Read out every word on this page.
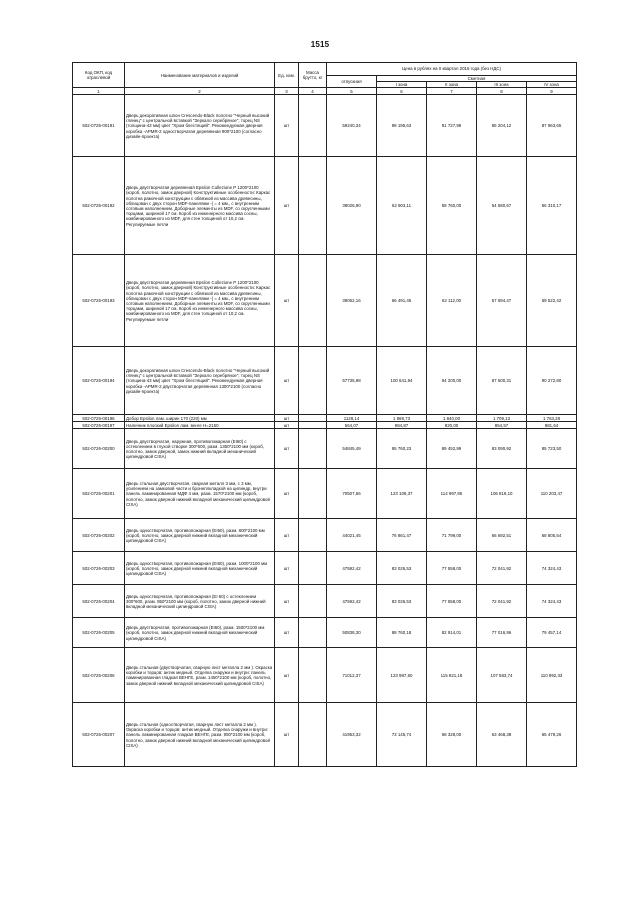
1515
Код ОКП, код отраслевой	Наименование материалов и изделий	Ед. изм.	Масса брутто, кг	Цена в рублях на II квартал 2016 года (без НДС)				
				отпускная	Сметная			
					I зона	II зона	III зона	IV зона
1	2	3	4	5	6	7	8	9
502-0726-00191	Дверь декоративная шпон Crescendo-Black полотно "Черный высокий глянец" с центральной вставкой "Зеркало серебряное", торец NS (толщина-43 мм) цвет "Хром блестящий". Рекомендуемая дверная коробка -APMR-2 одностворчатая деревянная 900*2100 (согласно дизайн-проекта)	шт		59240,34	98 195,63	91 727,99	85 204,12	87 963,65
502-0726-00192	Дверь двустворчатая деревянная Epsilon Collezione P 1200*2100 (короб, полотно, замок дверной) Конструктивные особенности: Каркас полотна рамочной конструкции с обвязкой из массива древесины, облицован с двух сторон MDF-панелями -( = 4 мм., с внутренним сотовым наполнением. Доборные элементы из MDF, со скругленными торцами, шириной 17 см. Короб из инженерного массива сосны, комбинированного из MDF, для стен толщиной от 10,2 см. Регулируемые петли	шт		38026,90	62 903,11	58 760,00	54 580,67	56 310,17
502-0726-00193	Дверь двустворчатая деревянная Epsilon Collezione P 1200*2100 (короб, полотно, замок дверной) Конструктивные особенности: Каркас полотна рамочной конструкции с обвязкой из массива древесины, облицован с двух сторон MDF-панелями -( = 4 мм., с внутренним сотовым наполнением. Доборные элементы из MDF, со скругленными торцами, шириной 17 см. Короб из инженерного массива сосны, комбинированного из MDF, для стен толщиной от 10,2 см. Регулируемые петли	шт		39062,16	66 491,45	62 112,00	57 694,47	59 522,42
502-0726-00194	Дверь декоративная шпон Crescendo-Black полотно "Черный высокий глянец" с центральной вставкой "Зеркало серебряное", торец NS (толщина-43 мм) цвет "Хром блестящий". Рекомендуемая дверная коробка -APMR-2 двустворчатая деревянная 1300*2100 (согласно дизайн-проекта)	шт		67735,98	100 641,94	94 200,00	87 500,31	90 272,80
502-0726-00196	Добор Epsilon лам. ширин 170 (220) мм	шт		1128,14	1 969,73	1 840,00	1 709,13	1 763,28
502-0726-00197	Наличник плоский Epsilon лам. венге Н=2150	шт		564,07	984,87	920,00	854,57	881,64
502-0726-00200	Дверь двустворчатая, наружная, противопожарная (EI60) с остеклением в глухой створке 300*600, разм. 1350*2100 мм (короб, полотно, замок дверной, замок нижний вкладной механический цилиндровой CISA)	шт		54845,49	95 760,23	89 452,99	83 090,92	85 723,50
502-0726-00201	Дверь стальная двустворчатая, сварная металл 3 мм, с 3 мм, усилением на замковой части и бронеплкладкой на цилиндр, внутри панель ламинированная МДФ 4 мм, разм. 1570*2100 мм (короб, полотно, замок дверной нижний вкладной механический цилиндровой CISA)	шт		70507,66	123 106,37	114 997,95	106 819,10	110 203,47
502-0726-00202	Дверь одностворчатая, противопожарная (EI60), разм. 800*2100 мм (короб, полотно, замок дверной нижний вкладной механический цилиндровой CISA)	шт		44021,45	76 861,47	71 799,00	66 692,51	68 805,54
502-0726-00203	Дверь одностворчатая, противопожарная (EI60), разм. 1000*2100 мм (короб, полотно, замок дверной нижний вкладной механический цилиндровой CISA)	шт		47592,42	83 026,53	77 558,00	72 041,92	74 324,43
502-0726-00204	Дверь одностворчатая, противопожарная (EI 60) с остеклением 300*600, разм. 950*2100 мм (короб, полотно, замок дверной нижний вкладной механический цилиндровой CISA)	шт		47592,42	83 026,53	77 558,00	72 041,92	74 324,43
502-0726-00205	Дверь двустворчатая, противопожарная (EI60), разм. 1500*2100 мм (короб, полотно, замок дверной нижний вкладной механический цилиндровой CISA)	шт		50838,30	88 760,18	82 914,01	77 016,96	79 457,14
502-0726-00206	Дверь стальная (двустворчатая, сварную лист металла 2 мм ). Окраска коробки и торцов: антик медный. Отделка снаружи и внутри: панель ламинированная гладкая ВЕНГЕ, разм. 1450*2100 мм (короб, полотно, замок дверной нижний вкладной механический цилиндровой CISA)	шт		71012,37	123 987,60	115 821,18	107 583,74	110 992,33
502-0726-00207	Дверь стальная (одностворчатая, сварную лист металла 2 мм ). Окраска коробки и торцов: антик медный. Отделка снаружи и внутри: панель ламинированная гладкая ВЕНГЕ, разм. 950*2100 мм (короб, полотно, замок дверной нижний вкладной механический цилиндровой CISA)	шт		41953,32	73 145,74	68 328,00	63 468,38	65 479,26
